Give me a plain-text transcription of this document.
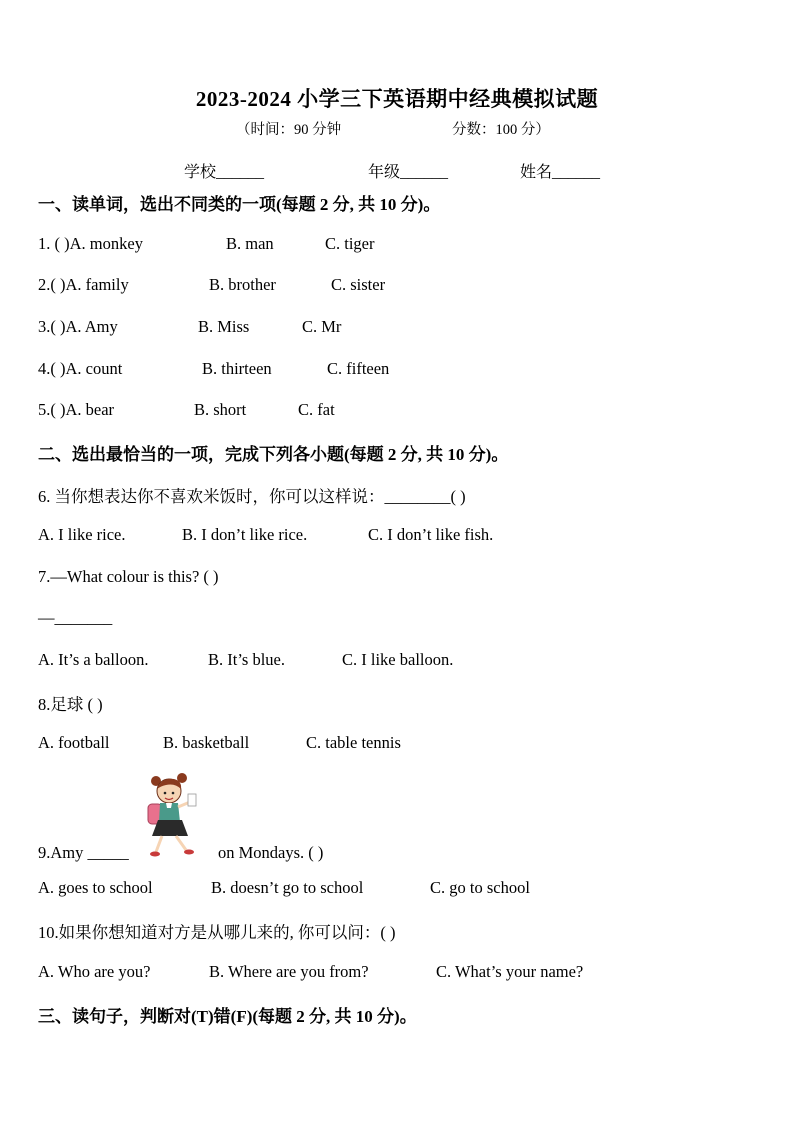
2023-2024 小学三下英语期中经典模拟试题
（时间：90 分钟	分数：100 分）
学校______	年级______	姓名______
一、读单词，选出不同类的一项(每题 2 分, 共 10 分)。
1. ( )A. monkey	B. man	C. tiger
2.( )A. family	B. brother	C. sister
3.( )A. Amy	B. Miss	C. Mr
4.( )A. count	B. thirteen	C. fifteen
5.( )A. bear	B. short	C. fat
二、选出最恰当的一项，完成下列各小题(每题 2 分, 共 10 分)。
6. 当你想表达你不喜欢米饭时，你可以这样说：________( )
A. I like rice.	B. I don’t like rice.	C. I don’t like fish.
7.—What colour is this? ( )
—_______
A. It’s a balloon.	B. It’s blue.	C. I like balloon.
8.足球 ( )
A. football	B. basketball	C. table tennis
9.Amy _____	on Mondays. ( )
A. goes to school	B. doesn’t go to school	C. go to school
10.如果你想知道对方是从哪儿来的, 你可以问：( )
A. Who are you?	B. Where are you from?	C. What’s your name?
三、读句子，判断对(T)错(F)(每题 2 分, 共 10 分)。
